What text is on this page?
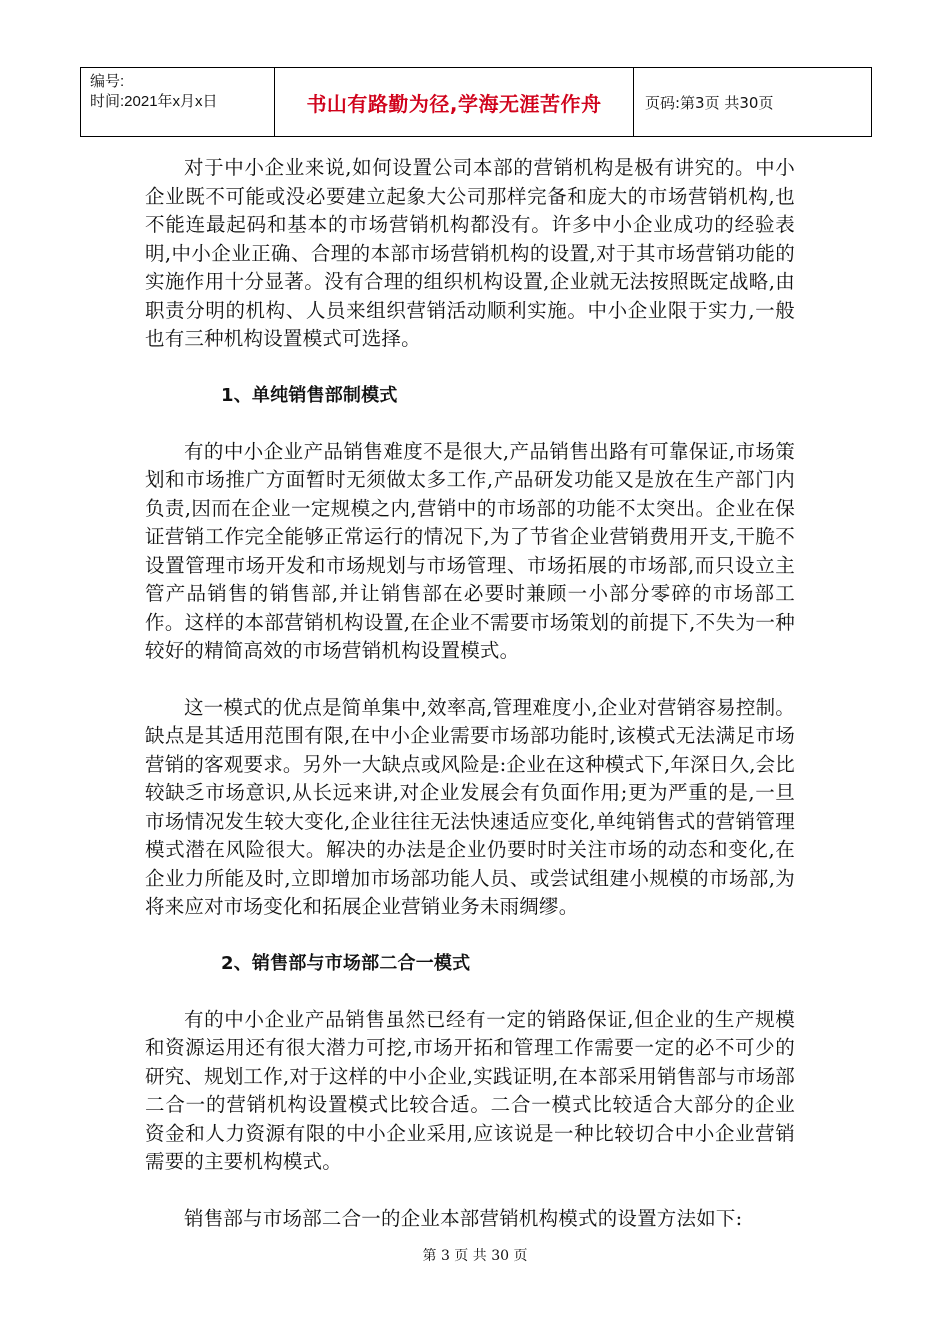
编号:
时间:2021年x月x日	书山有路勤为径,学海无涯苦作舟	页码:第3页 共30页

对于中小企业来说,如何设置公司本部的营销机构是极有讲究的。中小企业既不可能或没必要建立起象大公司那样完备和庞大的市场营销机构,也不能连最起码和基本的市场营销机构都没有。许多中小企业成功的经验表明,中小企业正确、合理的本部市场营销机构的设置,对于其市场营销功能的实施作用十分显著。没有合理的组织机构设置,企业就无法按照既定战略,由职责分明的机构、人员来组织营销活动顺利实施。中小企业限于实力,一般也有三种机构设置模式可选择。

1、单纯销售部制模式

有的中小企业产品销售难度不是很大,产品销售出路有可靠保证,市场策划和市场推广方面暂时无须做太多工作,产品研发功能又是放在生产部门内负责,因而在企业一定规模之内,营销中的市场部的功能不太突出。企业在保证营销工作完全能够正常运行的情况下,为了节省企业营销费用开支,干脆不设置管理市场开发和市场规划与市场管理、市场拓展的市场部,而只设立主管产品销售的销售部,并让销售部在必要时兼顾一小部分零碎的市场部工作。这样的本部营销机构设置,在企业不需要市场策划的前提下,不失为一种较好的精简高效的市场营销机构设置模式。

这一模式的优点是简单集中,效率高,管理难度小,企业对营销容易控制。缺点是其适用范围有限,在中小企业需要市场部功能时,该模式无法满足市场营销的客观要求。另外一大缺点或风险是:企业在这种模式下,年深日久,会比较缺乏市场意识,从长远来讲,对企业发展会有负面作用;更为严重的是,一旦市场情况发生较大变化,企业往往无法快速适应变化,单纯销售式的营销管理模式潜在风险很大。解决的办法是企业仍要时时关注市场的动态和变化,在企业力所能及时,立即增加市场部功能人员、或尝试组建小规模的市场部,为将来应对市场变化和拓展企业营销业务未雨绸缪。

2、销售部与市场部二合一模式

有的中小企业产品销售虽然已经有一定的销路保证,但企业的生产规模和资源运用还有很大潜力可挖,市场开拓和管理工作需要一定的必不可少的研究、规划工作,对于这样的中小企业,实践证明,在本部采用销售部与市场部二合一的营销机构设置模式比较合适。二合一模式比较适合大部分的企业资金和人力资源有限的中小企业采用,应该说是一种比较切合中小企业营销需要的主要机构模式。

销售部与市场部二合一的企业本部营销机构模式的设置方法如下:

第 3 页 共 30 页
